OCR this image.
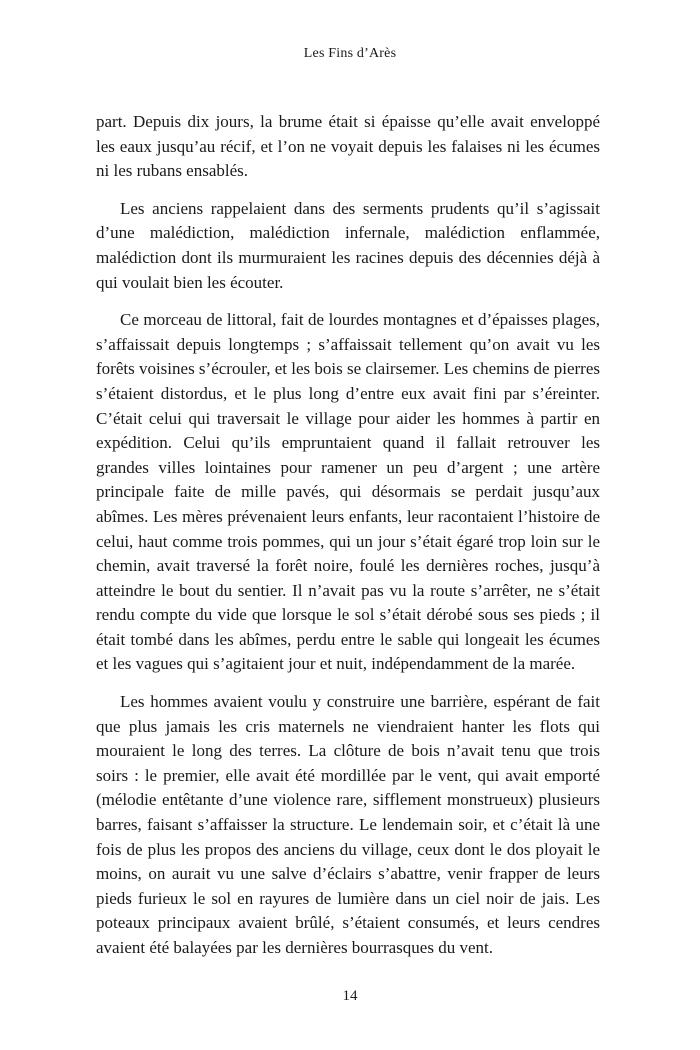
Les Fins d’Arès

part. Depuis dix jours, la brume était si épaisse qu’elle avait enveloppé les eaux jusqu’au récif, et l’on ne voyait depuis les falaises ni les écumes ni les rubans ensablés.

Les anciens rappelaient dans des serments prudents qu’il s’agissait d’une malédiction, malédiction infernale, malédiction enflammée, malédiction dont ils murmuraient les racines depuis des décennies déjà à qui voulait bien les écouter.

Ce morceau de littoral, fait de lourdes montagnes et d’épaisses plages, s’affaissait depuis longtemps ; s’affaissait tellement qu’on avait vu les forêts voisines s’écrouler, et les bois se clairsemer. Les chemins de pierres s’étaient distordus, et le plus long d’entre eux avait fini par s’éreinter. C’était celui qui traversait le village pour aider les hommes à partir en expédition. Celui qu’ils empruntaient quand il fallait retrouver les grandes villes lointaines pour ramener un peu d’argent ; une artère principale faite de mille pavés, qui désormais se perdait jusqu’aux abîmes. Les mères prévenaient leurs enfants, leur racontaient l’histoire de celui, haut comme trois pommes, qui un jour s’était égaré trop loin sur le chemin, avait traversé la forêt noire, foulé les dernières roches, jusqu’à atteindre le bout du sentier. Il n’avait pas vu la route s’arrêter, ne s’était rendu compte du vide que lorsque le sol s’était dérobé sous ses pieds ; il était tombé dans les abîmes, perdu entre le sable qui longeait les écumes et les vagues qui s’agitaient jour et nuit, indépendamment de la marée.

Les hommes avaient voulu y construire une barrière, espérant de fait que plus jamais les cris maternels ne viendraient hanter les flots qui mouraient le long des terres. La clôture de bois n’avait tenu que trois soirs : le premier, elle avait été mordillée par le vent, qui avait emporté (mélodie entêtante d’une violence rare, sifflement monstrueux) plusieurs barres, faisant s’affaisser la structure. Le lendemain soir, et c’était là une fois de plus les propos des anciens du village, ceux dont le dos ployait le moins, on aurait vu une salve d’éclairs s’abattre, venir frapper de leurs pieds furieux le sol en rayures de lumière dans un ciel noir de jais. Les poteaux principaux avaient brûlé, s’étaient consumés, et leurs cendres avaient été balayées par les dernières bourrasques du vent.

14
